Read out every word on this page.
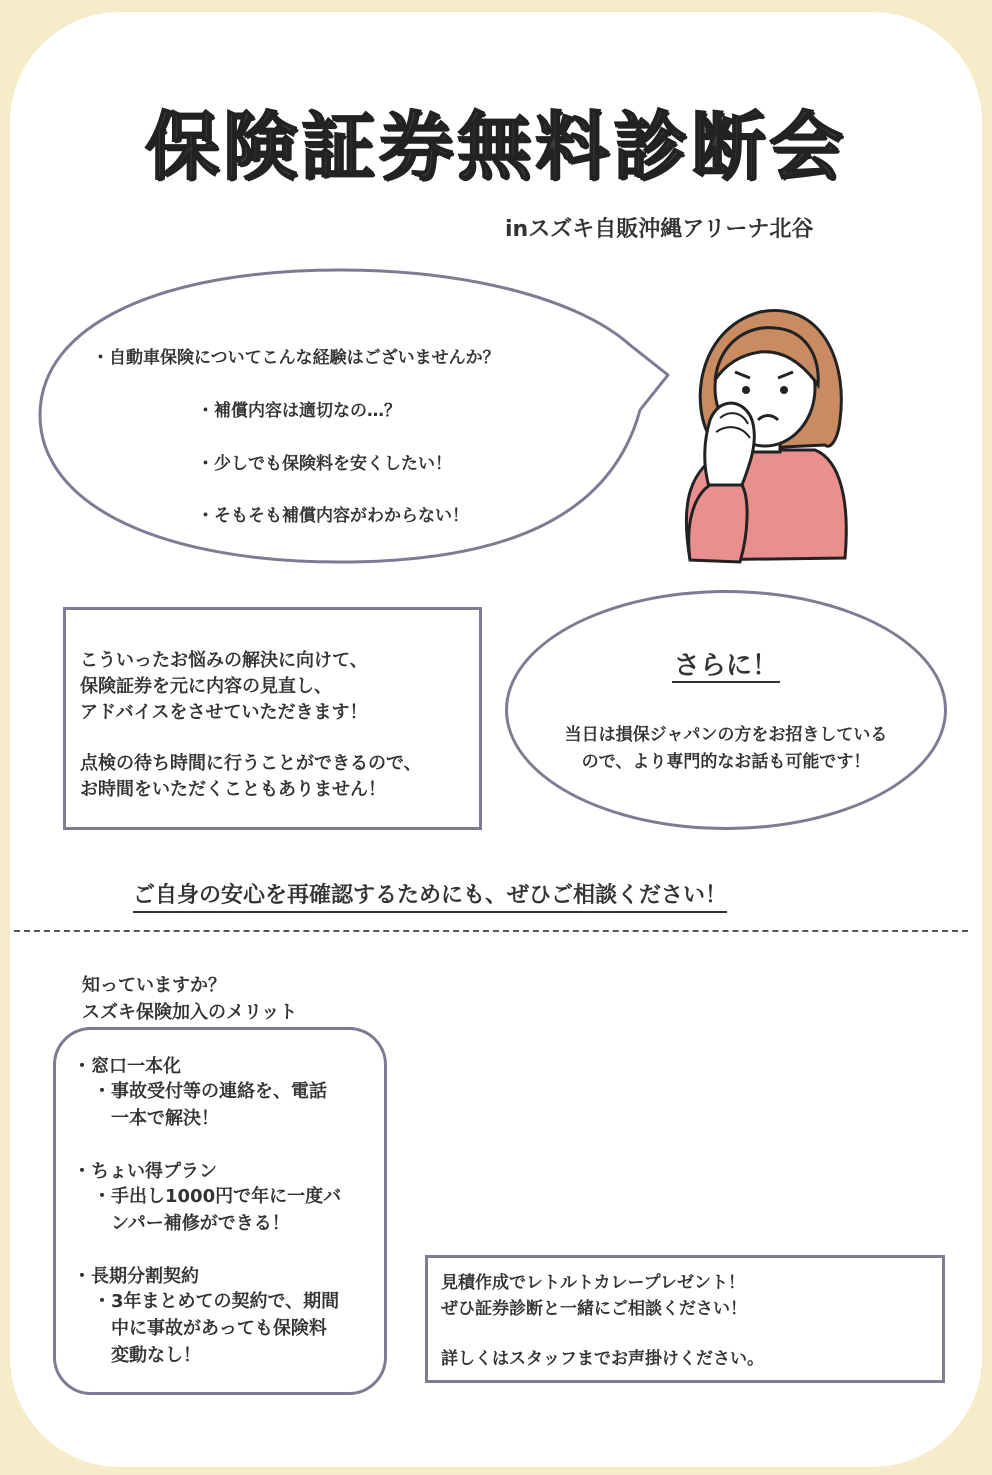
保険証券無料診断会
inスズキ自販沖縄アリーナ北谷
・自動車保険についてこんな経験はございませんか？
・補償内容は適切なの…？
・少しでも保険料を安くしたい！
・そもそも補償内容がわからない！

こういったお悩みの解決に向けて、

保険証券を元に内容の見直し、

アドバイスをさせていただきます！

点検の待ち時間に行うことができるので、

お時間をいただくこともありません！

さらに！
当日は損保ジャパンの方をお招きしている
ので、より専門的なお話も可能です！
ご自身の安心を再確認するためにも、ぜひご相談ください！
知っていますか？
スズキ保険加入のメリット
・窓口一本化
・事故受付等の連絡を、電話
一本で解決！
・ちょい得プラン
・手出し1000円で年に一度バ
ンパー補修ができる！
・長期分割契約
・3年まとめての契約で、期間
中に事故があっても保険料
変動なし！
見積作成でレトルトカレープレゼント！
ぜひ証券診断と一緒にご相談ください！
詳しくはスタッフまでお声掛けください。
